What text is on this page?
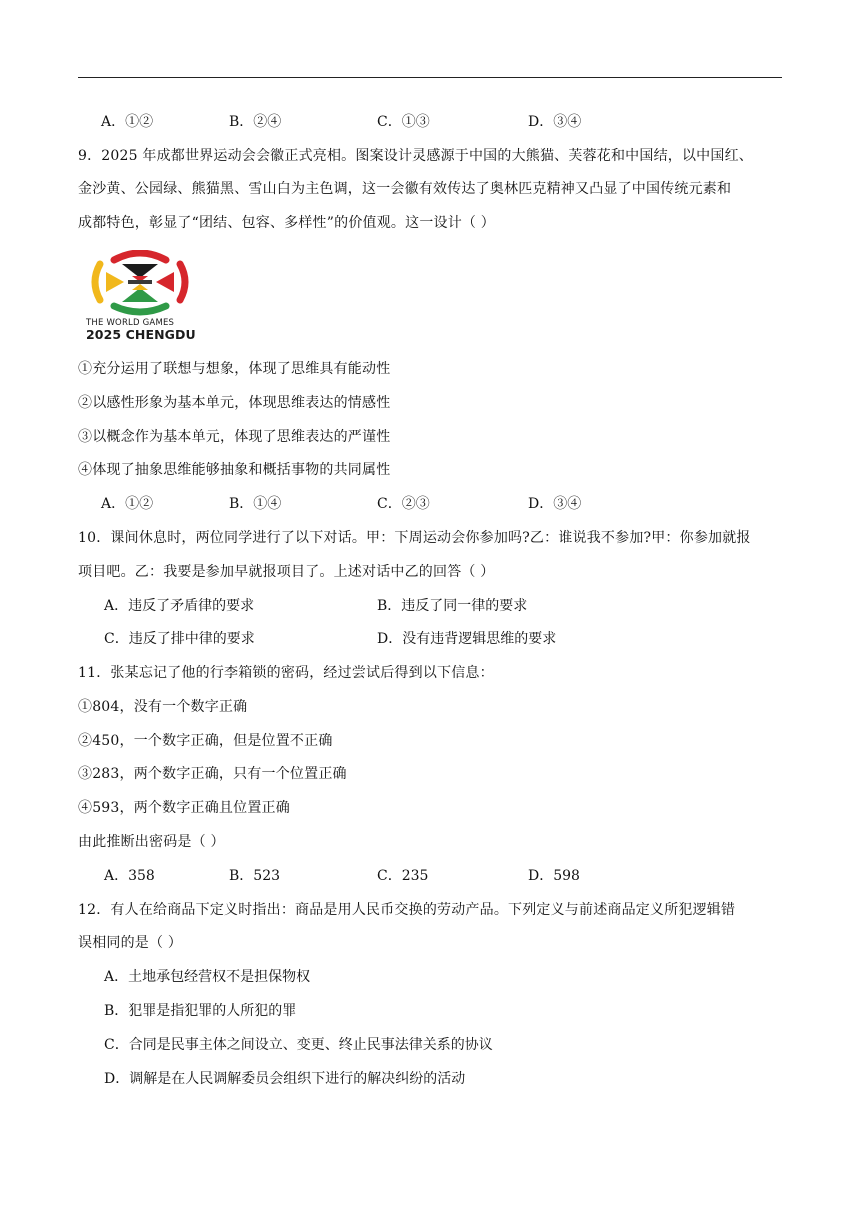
A．①②	B．②④	C．①③	D．③④
9．2025 年成都世界运动会会徽正式亮相。图案设计灵感源于中国的大熊猫、芙蓉花和中国结，以中国红、
金沙黄、公园绿、熊猫黑、雪山白为主色调，这一会徽有效传达了奥林匹克精神又凸显了中国传统元素和
成都特色，彰显了“团结、包容、多样性”的价值观。这一设计（ ）
THE WORLD GAMES
2025 CHENGDU
①充分运用了联想与想象，体现了思维具有能动性
②以感性形象为基本单元，体现思维表达的情感性
③以概念作为基本单元，体现了思维表达的严谨性
④体现了抽象思维能够抽象和概括事物的共同属性
A．①②	B．①④	C．②③	D．③④
10．课间休息时，两位同学进行了以下对话。甲：下周运动会你参加吗?乙：谁说我不参加?甲：你参加就报
项目吧。乙：我要是参加早就报项目了。上述对话中乙的回答（ ）
A．违反了矛盾律的要求	B．违反了同一律的要求
C．违反了排中律的要求	D．没有违背逻辑思维的要求
11．张某忘记了他的行李箱锁的密码，经过尝试后得到以下信息：
①804，没有一个数字正确
②450，一个数字正确，但是位置不正确
③283，两个数字正确，只有一个位置正确
④593，两个数字正确且位置正确
由此推断出密码是（ ）
A．358	B．523	C．235	D．598
12．有人在给商品下定义时指出：商品是用人民币交换的劳动产品。下列定义与前述商品定义所犯逻辑错
误相同的是（ ）
A．土地承包经营权不是担保物权
B．犯罪是指犯罪的人所犯的罪
C．合同是民事主体之间设立、变更、终止民事法律关系的协议
D．调解是在人民调解委员会组织下进行的解决纠纷的活动
